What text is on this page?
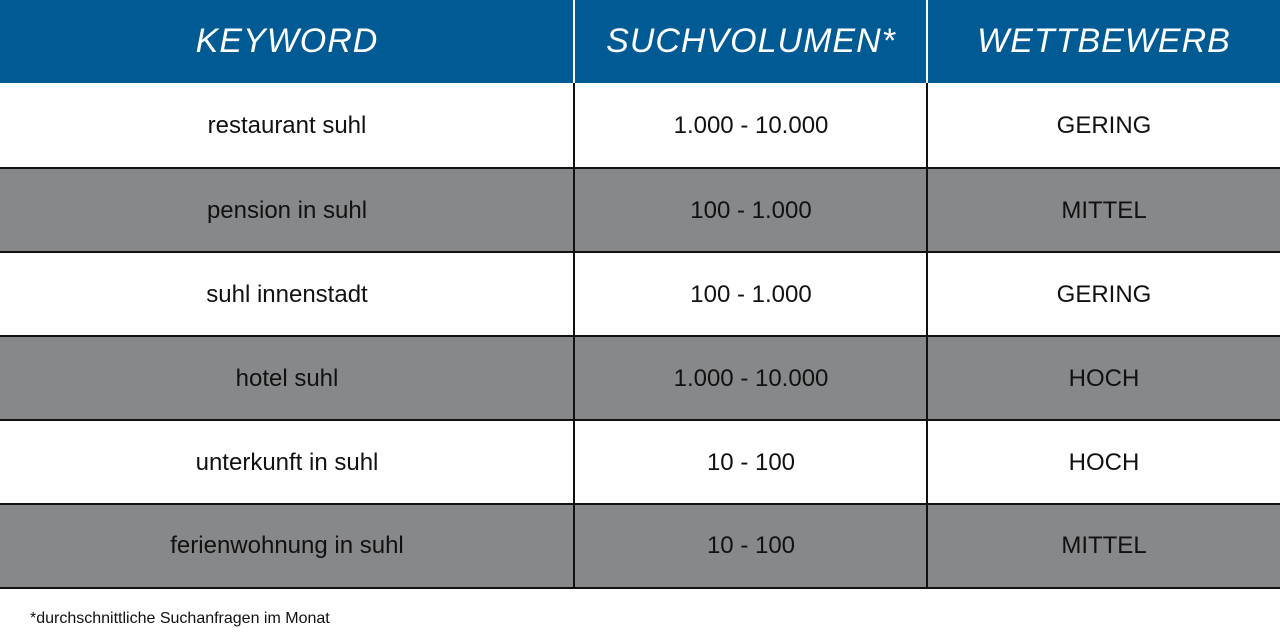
KEYWORD	SUCHVOLUMEN*	WETTBEWERB
restaurant suhl	1.000 - 10.000	GERING
pension in suhl	100 - 1.000	MITTEL
suhl innenstadt	100 - 1.000	GERING
hotel suhl	1.000 - 10.000	HOCH
unterkunft in suhl	10 - 100	HOCH
ferienwohnung in suhl	10 - 100	MITTEL
*durchschnittliche Suchanfragen im Monat
